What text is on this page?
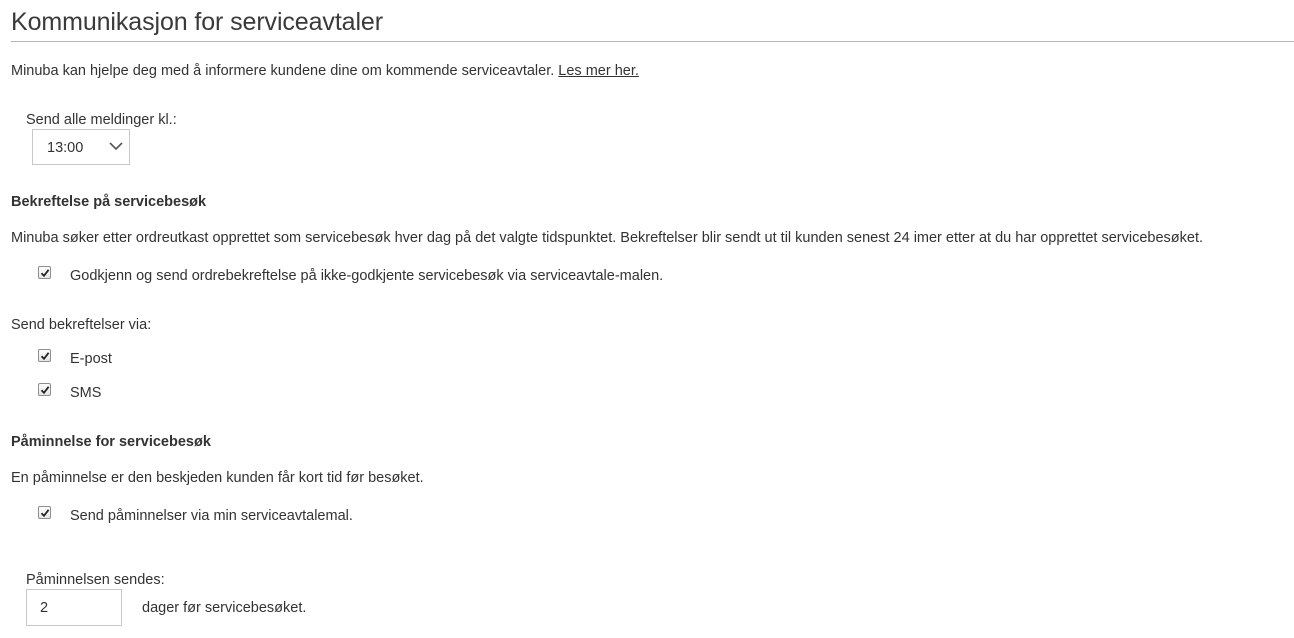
Kommunikasjon for serviceavtaler
Minuba kan hjelpe deg med å informere kundene dine om kommende serviceavtaler. Les mer her.
Send alle meldinger kl.:
13:00
Bekreftelse på servicebesøk
Minuba søker etter ordreutkast opprettet som servicebesøk hver dag på det valgte tidspunktet. Bekreftelser blir sendt ut til kunden senest 24 imer etter at du har opprettet servicebesøket.
Godkjenn og send ordrebekreftelse på ikke-godkjente servicebesøk via serviceavtale-malen.
Send bekreftelser via:
E-post
SMS
Påminnelse for servicebesøk
En påminnelse er den beskjeden kunden får kort tid før besøket.
Send påminnelser via min serviceavtalemal.
Påminnelsen sendes:
2
dager før servicebesøket.
